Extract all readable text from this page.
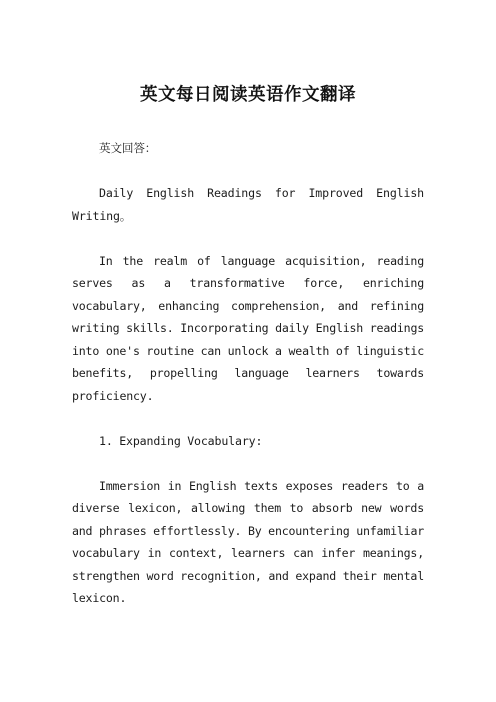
英文每日阅读英语作文翻译

英文回答：

Daily English Readings for Improved English Writing。

In the realm of language acquisition, reading serves as a transformative force, enriching vocabulary, enhancing comprehension, and refining writing skills. Incorporating daily English readings into one's routine can unlock a wealth of linguistic benefits, propelling language learners towards proficiency.

1. Expanding Vocabulary:

Immersion in English texts exposes readers to a diverse lexicon, allowing them to absorb new words and phrases effortlessly. By encountering unfamiliar vocabulary in context, learners can infer meanings, strengthen word recognition, and expand their mental lexicon.
